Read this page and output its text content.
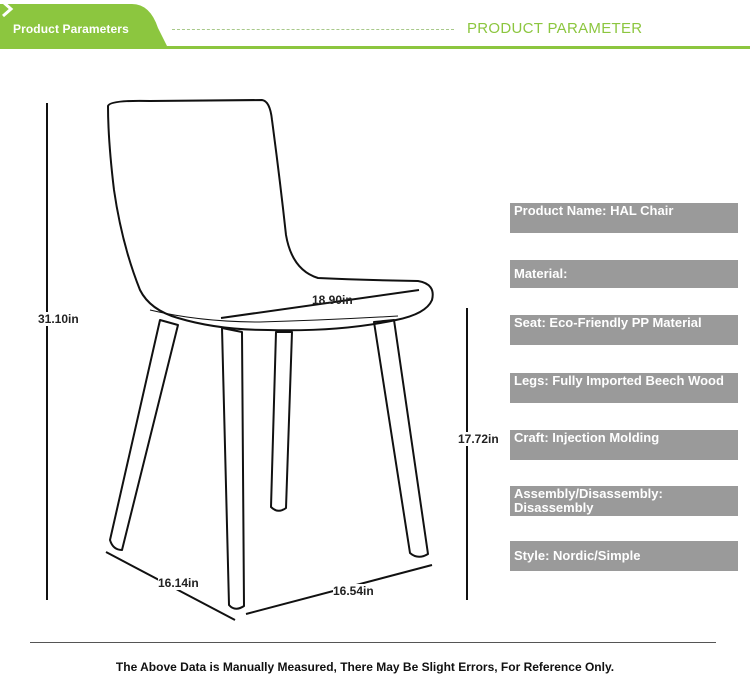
Product Parameters	PRODUCT PARAMETER
31.10in
18.90in
17.72in
16.14in
16.54in
Product Name: HAL Chair
Material:
Seat: Eco-Friendly PP Material
Legs: Fully Imported Beech Wood
Craft: Injection Molding
Assembly/Disassembly: Disassembly
Style: Nordic/Simple
The Above Data is Manually Measured, There May Be Slight Errors, For Reference Only.
